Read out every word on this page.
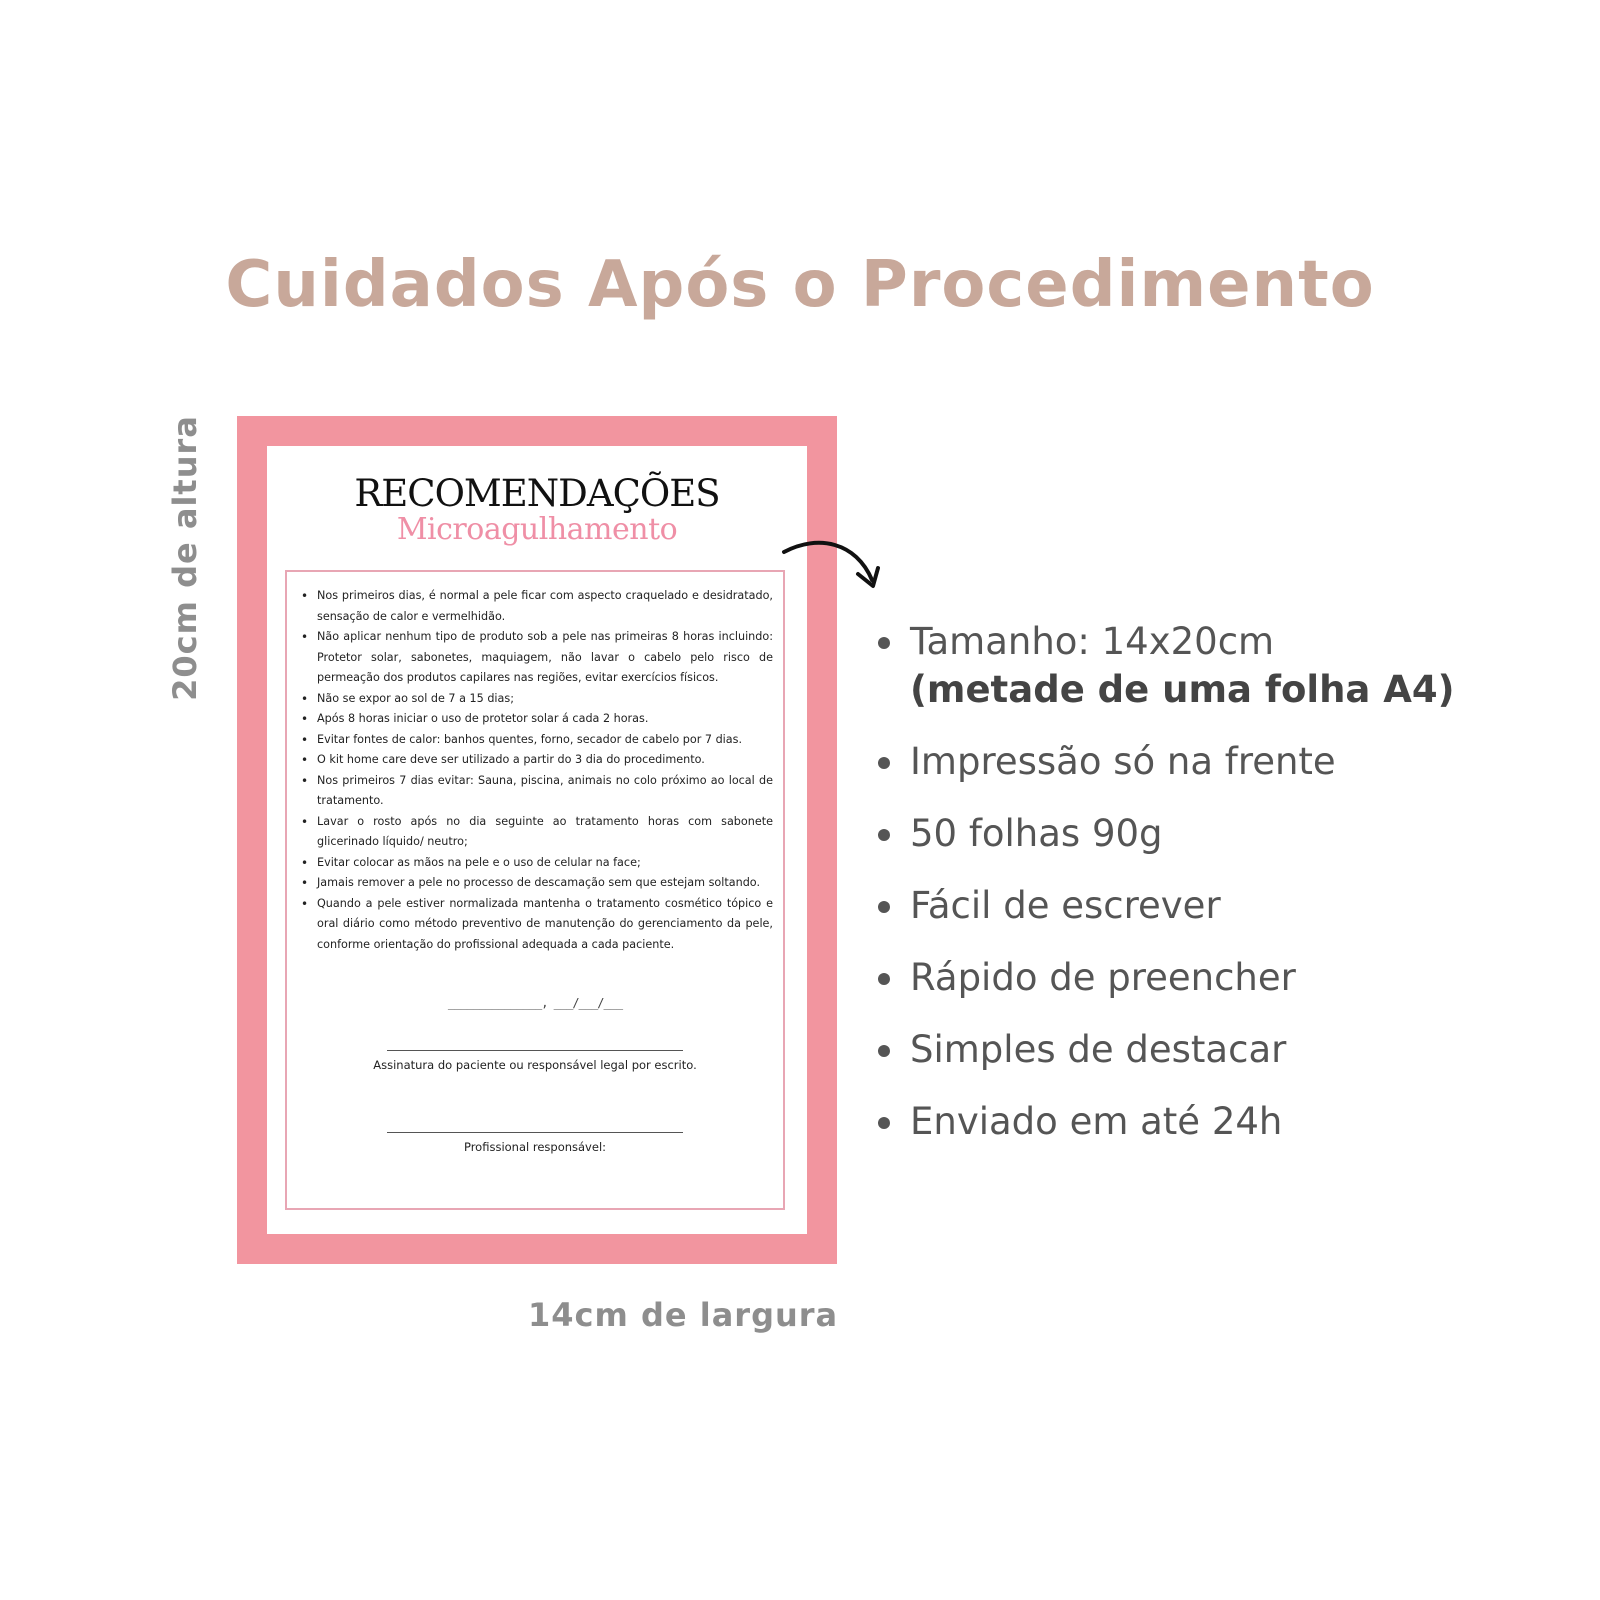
Cuidados Após o Procedimento
20cm de altura	RECOMENDAÇÕES
Microagulhamento
• Nos primeiros dias, é normal a pele ficar com aspecto craquelado e desidratado, sensação de calor e vermelhidão.
• Não aplicar nenhum tipo de produto sob a pele nas primeiras 8 horas incluindo: Protetor solar, sabonetes, maquiagem, não lavar o cabelo pelo risco de permeação dos produtos capilares nas regiões, evitar exercícios físicos.
• Não se expor ao sol de 7 a 15 dias;
• Após 8 horas iniciar o uso de protetor solar á cada 2 horas.
• Evitar fontes de calor: banhos quentes, forno, secador de cabelo por 7 dias.
• O kit home care deve ser utilizado a partir do 3 dia do procedimento.
• Nos primeiros 7 dias evitar: Sauna, piscina, animais no colo próximo ao local de tratamento.
• Lavar o rosto após no dia seguinte ao tratamento horas com sabonete glicerinado líquido/ neutro;
• Evitar colocar as mãos na pele e o uso de celular na face;
• Jamais remover a pele no processo de descamação sem que estejam soltando.
• Quando a pele estiver normalizada mantenha o tratamento cosmético tópico e oral diário como método preventivo de manutenção do gerenciamento da pele, conforme orientação do profissional adequada a cada paciente.
_______________, ___/___/___
Assinatura do paciente ou responsável legal por escrito.
Profissional responsável:
14cm de largura
Tamanho: 14x20cm
(metade de uma folha A4)
Impressão só na frente
50 folhas 90g
Fácil de escrever
Rápido de preencher
Simples de destacar
Enviado em até 24h
